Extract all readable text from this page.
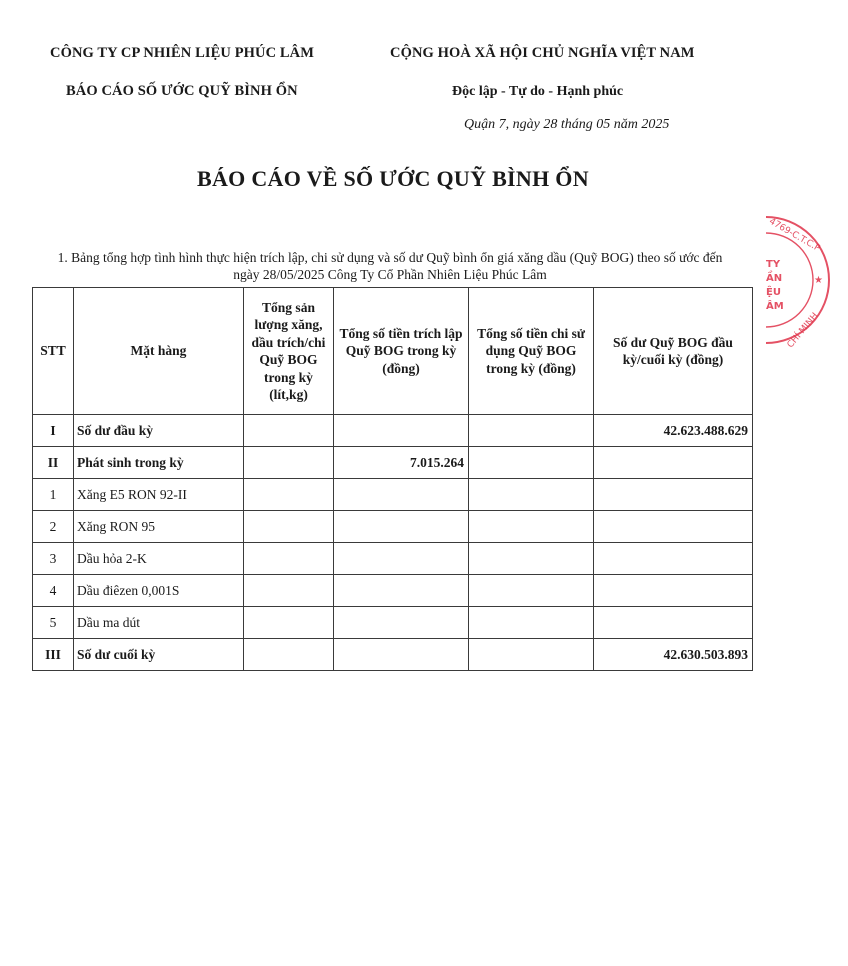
CÔNG TY CP NHIÊN LIỆU PHÚC LÂM
BÁO CÁO SỐ ƯỚC QUỸ BÌNH ỔN
CỘNG HOÀ XÃ HỘI CHỦ NGHĨA VIỆT NAM
Độc lập - Tự do - Hạnh phúc
Quận 7, ngày 28 tháng 05 năm 2025
BÁO CÁO VỀ SỐ ƯỚC QUỸ BÌNH ỔN
1. Bảng tổng hợp tình hình thực hiện trích lập, chi sử dụng và số dư Quỹ bình ổn giá xăng dầu (Quỹ BOG) theo số ước đến
ngày 28/05/2025 Công Ty Cổ Phần Nhiên Liệu Phúc Lâm
STT	Mặt hàng	Tổng sản lượng xăng, dầu trích/chi Quỹ BOG trong kỳ (lít,kg)	Tổng số tiền trích lập Quỹ BOG trong kỳ (đồng)	Tổng số tiền chi sử dụng Quỹ BOG trong kỳ (đồng)	Số dư Quỹ BOG đầu kỳ/cuối kỳ (đồng)
I	Số dư đầu kỳ				42.623.488.629
II	Phát sinh trong kỳ		7.015.264		
1	Xăng E5 RON 92-II				
2	Xăng RON 95				
3	Dầu hỏa 2-K				
4	Dầu điêzen 0,001S				
5	Dầu ma dút				
III	Số dư cuối kỳ				42.630.503.893
4769-C.T.C.P
★
TY
ẦN
ỆU
ÂM
CHÍ MINH
